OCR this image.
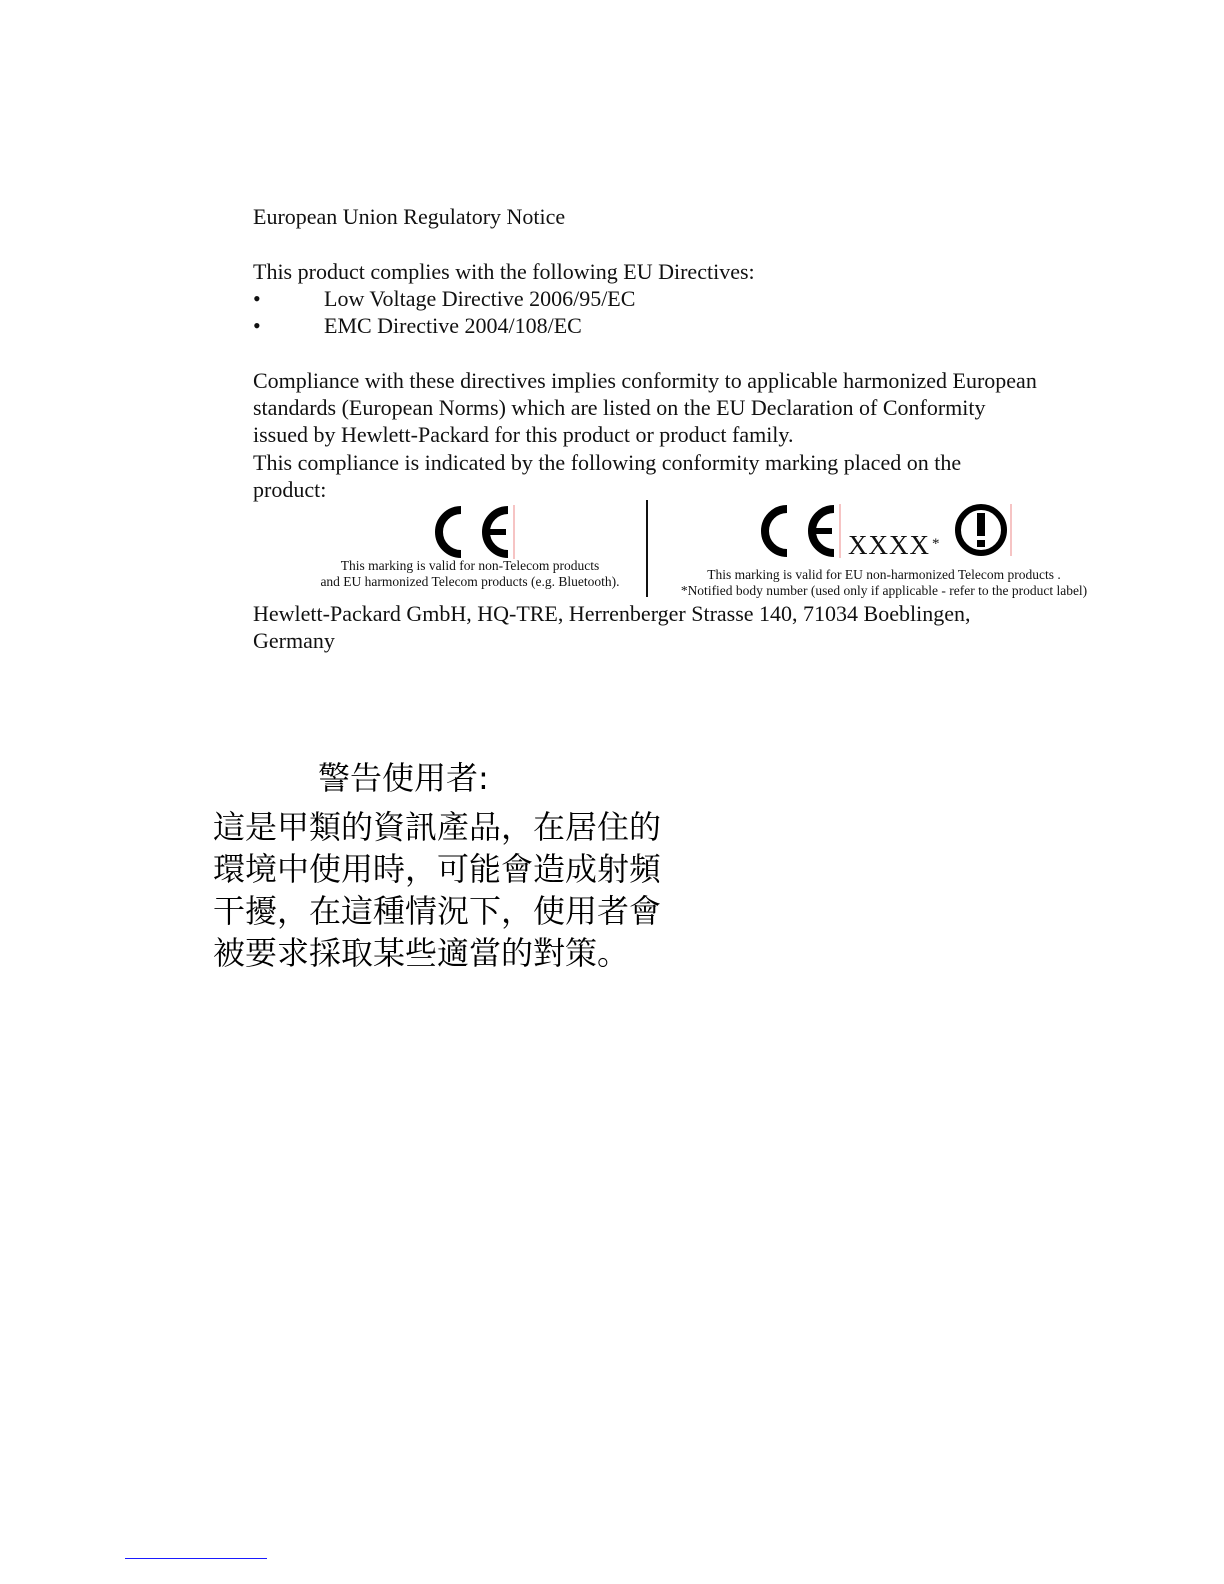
European Union Regulatory Notice
This product complies with the following EU Directives:
•	Low Voltage Directive 2006/95/EC
•	EMC Directive 2004/108/EC
Compliance with these directives implies conformity to applicable harmonized European
standards (European Norms) which are listed on the EU Declaration of Conformity
issued by Hewlett-Packard for this product or product family.
This compliance is indicated by the following conformity marking placed on the
product:
This marking is valid for non-Telecom products
and EU harmonized Telecom products (e.g. Bluetooth).
XXXX *
This marking is valid for EU non-harmonized Telecom products .
*Notified body number (used only if applicable - refer to the product label)
Hewlett-Packard GmbH, HQ-TRE, Herrenberger Strasse 140, 71034 Boeblingen,
Germany
警告使用者:
這是甲類的資訊產品，在居住的
環境中使用時，可能會造成射頻
干擾，在這種情況下，使用者會
被要求採取某些適當的對策。
